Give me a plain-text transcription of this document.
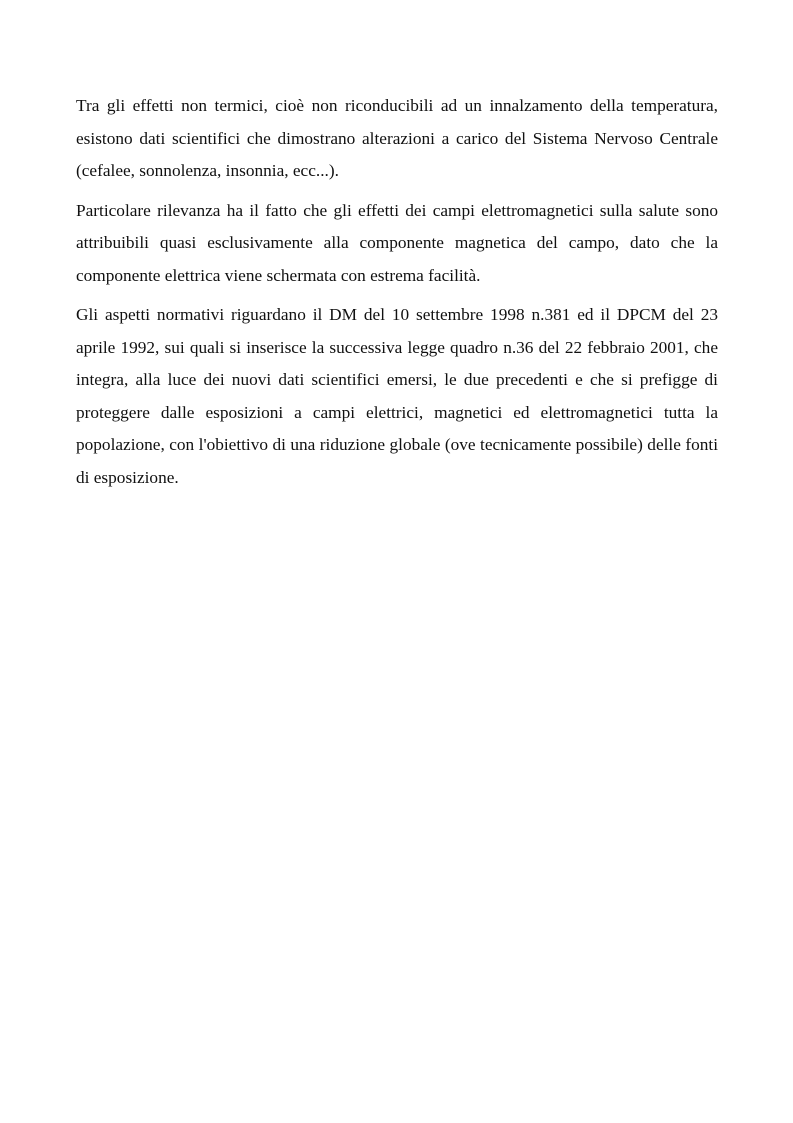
Tra gli effetti non termici, cioè non riconducibili ad un innalzamento della temperatura, esistono dati scientifici che dimostrano alterazioni a carico del Sistema Nervoso Centrale (cefalee, sonnolenza, insonnia, ecc...).

Particolare rilevanza ha il fatto che gli effetti dei campi elettromagnetici sulla salute sono attribuibili quasi esclusivamente alla componente magnetica del campo, dato che la componente elettrica viene schermata con estrema facilità.

Gli aspetti normativi riguardano il DM del 10 settembre 1998 n.381 ed il DPCM del 23 aprile 1992, sui quali si inserisce la successiva legge quadro n.36 del 22 febbraio 2001, che integra, alla luce dei nuovi dati scientifici emersi, le due precedenti e che si prefigge di proteggere dalle esposizioni a campi elettrici, magnetici ed elettromagnetici tutta la popolazione, con l'obiettivo di una riduzione globale (ove tecnicamente possibile) delle fonti di esposizione.
